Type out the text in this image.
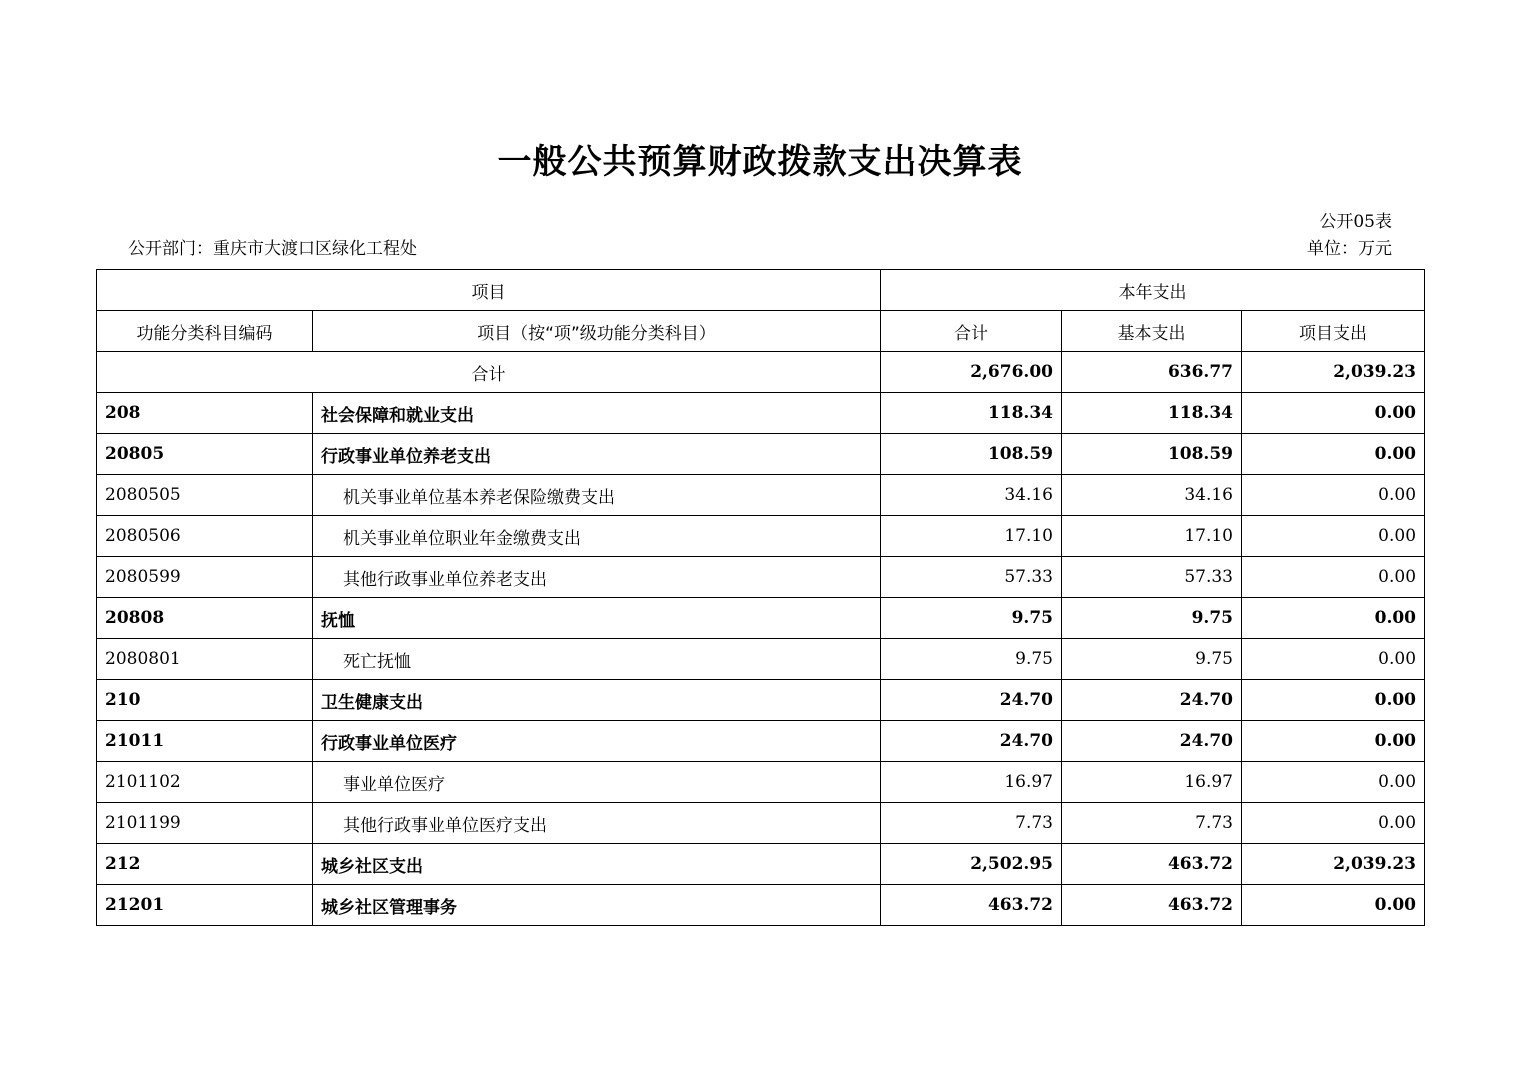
一般公共预算财政拨款支出决算表
公开05表
公开部门：重庆市大渡口区绿化工程处	单位：万元
项目		本年支出		
功能分类科目编码	项目（按“项”级功能分类科目）	合计	基本支出	项目支出
合计		2,676.00	636.77	2,039.23
208	社会保障和就业支出	118.34	118.34	0.00
20805	行政事业单位养老支出	108.59	108.59	0.00
2080505	机关事业单位基本养老保险缴费支出	34.16	34.16	0.00
2080506	机关事业单位职业年金缴费支出	17.10	17.10	0.00
2080599	其他行政事业单位养老支出	57.33	57.33	0.00
20808	抚恤	9.75	9.75	0.00
2080801	死亡抚恤	9.75	9.75	0.00
210	卫生健康支出	24.70	24.70	0.00
21011	行政事业单位医疗	24.70	24.70	0.00
2101102	事业单位医疗	16.97	16.97	0.00
2101199	其他行政事业单位医疗支出	7.73	7.73	0.00
212	城乡社区支出	2,502.95	463.72	2,039.23
21201	城乡社区管理事务	463.72	463.72	0.00
